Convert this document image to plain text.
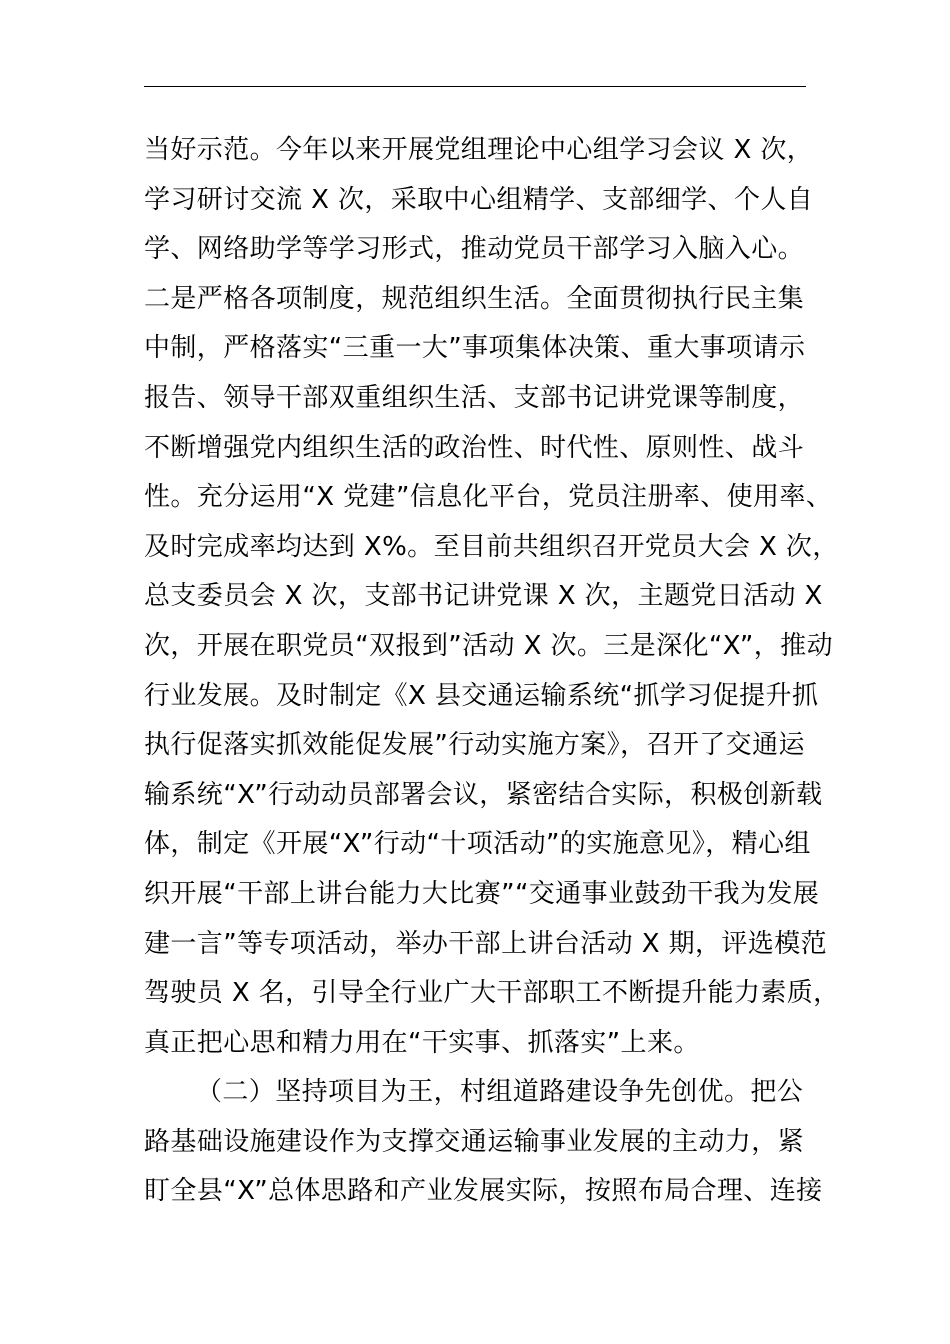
当好示范。今年以来开展党组理论中心组学习会议 X 次，
学习研讨交流 X 次，采取中心组精学、支部细学、个人自
学、网络助学等学习形式，推动党员干部学习入脑入心。
二是严格各项制度，规范组织生活。全面贯彻执行民主集
中制，严格落实“三重一大”事项集体决策、重大事项请示
报告、领导干部双重组织生活、支部书记讲党课等制度，
不断增强党内组织生活的政治性、时代性、原则性、战斗
性。充分运用“X 党建”信息化平台，党员注册率、使用率、
及时完成率均达到 X%。至目前共组织召开党员大会 X 次，
总支委员会 X 次，支部书记讲党课 X 次，主题党日活动 X
次，开展在职党员“双报到”活动 X 次。三是深化“X”，推动
行业发展。及时制定《X 县交通运输系统“抓学习促提升抓
执行促落实抓效能促发展”行动实施方案》，召开了交通运
输系统“X”行动动员部署会议，紧密结合实际，积极创新载
体，制定《开展“X”行动“十项活动”的实施意见》，精心组
织开展“干部上讲台能力大比赛”“交通事业鼓劲干我为发展
建一言”等专项活动，举办干部上讲台活动 X 期，评选模范
驾驶员 X 名，引导全行业广大干部职工不断提升能力素质，
真正把心思和精力用在“干实事、抓落实”上来。
（二）坚持项目为王，村组道路建设争先创优。把公
路基础设施建设作为支撑交通运输事业发展的主动力，紧
盯全县“X”总体思路和产业发展实际，按照布局合理、连接
